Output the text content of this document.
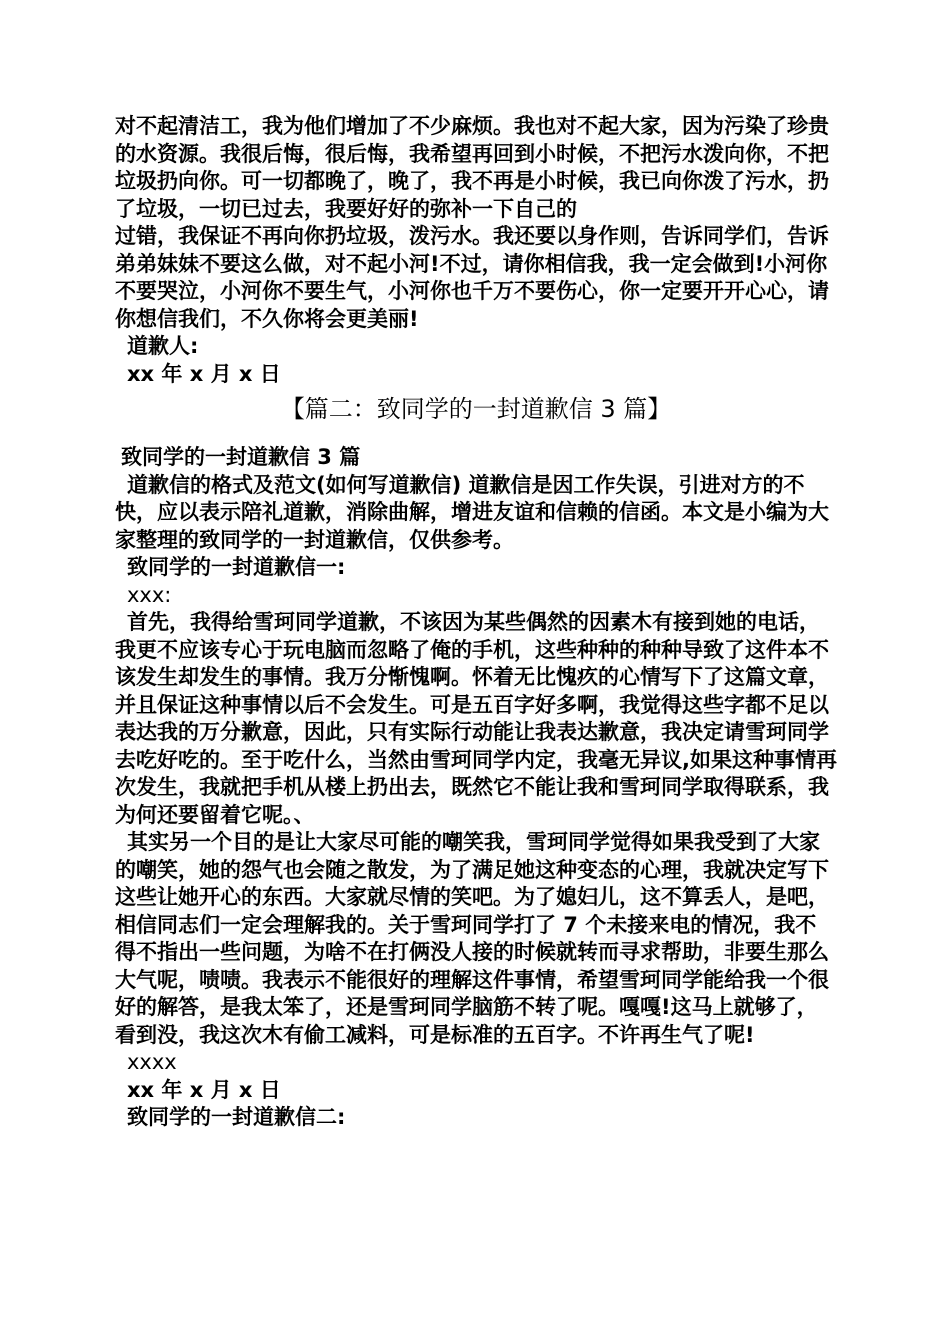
对不起清洁工，我为他们增加了不少麻烦。我也对不起大家，因为污染了珍贵的水资源。我很后悔，很后悔，我希望再回到小时候，不把污水泼向你，不把垃圾扔向你。可一切都晚了，晚了，我不再是小时候，我已向你泼了污水，扔了垃圾，一切已过去，我要好好的弥补一下自己的

过错，我保证不再向你扔垃圾，泼污水。我还要以身作则，告诉同学们，告诉弟弟妹妹不要这么做，对不起小河!不过，请你相信我，我一定会做到!小河你不要哭泣，小河你不要生气，小河你也千万不要伤心，你一定要开开心心，请你想信我们，不久你将会更美丽!

道歉人:

xx 年 x 月 x 日

【篇二：致同学的一封道歉信 3 篇】

致同学的一封道歉信 3 篇

道歉信的格式及范文(如何写道歉信) 道歉信是因工作失误，引进对方的不快，应以表示陪礼道歉，消除曲解，增进友谊和信赖的信函。本文是小编为大家整理的致同学的一封道歉信，仅供参考。

致同学的一封道歉信一:

xxx:

首先，我得给雪珂同学道歉，不该因为某些偶然的因素木有接到她的电话，我更不应该专心于玩电脑而忽略了俺的手机，这些种种的种种导致了这件本不该发生却发生的事情。我万分惭愧啊。怀着无比愧疚的心情写下了这篇文章，并且保证这种事情以后不会发生。可是五百字好多啊，我觉得这些字都不足以表达我的万分歉意，因此，只有实际行动能让我表达歉意，我决定请雪珂同学去吃好吃的。至于吃什么，当然由雪珂同学内定，我毫无异议,如果这种事情再次发生，我就把手机从楼上扔出去，既然它不能让我和雪珂同学取得联系，我为何还要留着它呢。、

其实另一个目的是让大家尽可能的嘲笑我，雪珂同学觉得如果我受到了大家的嘲笑，她的怨气也会随之散发，为了满足她这种变态的心理，我就决定写下这些让她开心的东西。大家就尽情的笑吧。为了媳妇儿，这不算丢人，是吧，相信同志们一定会理解我的。关于雪珂同学打了 7 个未接来电的情况，我不得不指出一些问题，为啥不在打俩没人接的时候就转而寻求帮助，非要生那么大气呢，啧啧。我表示不能很好的理解这件事情，希望雪珂同学能给我一个很好的解答，是我太笨了，还是雪珂同学脑筋不转了呢。嘎嘎!这马上就够了，看到没，我这次木有偷工减料，可是标准的五百字。不许再生气了呢!

xxxx

xx 年 x 月 x 日

致同学的一封道歉信二:
